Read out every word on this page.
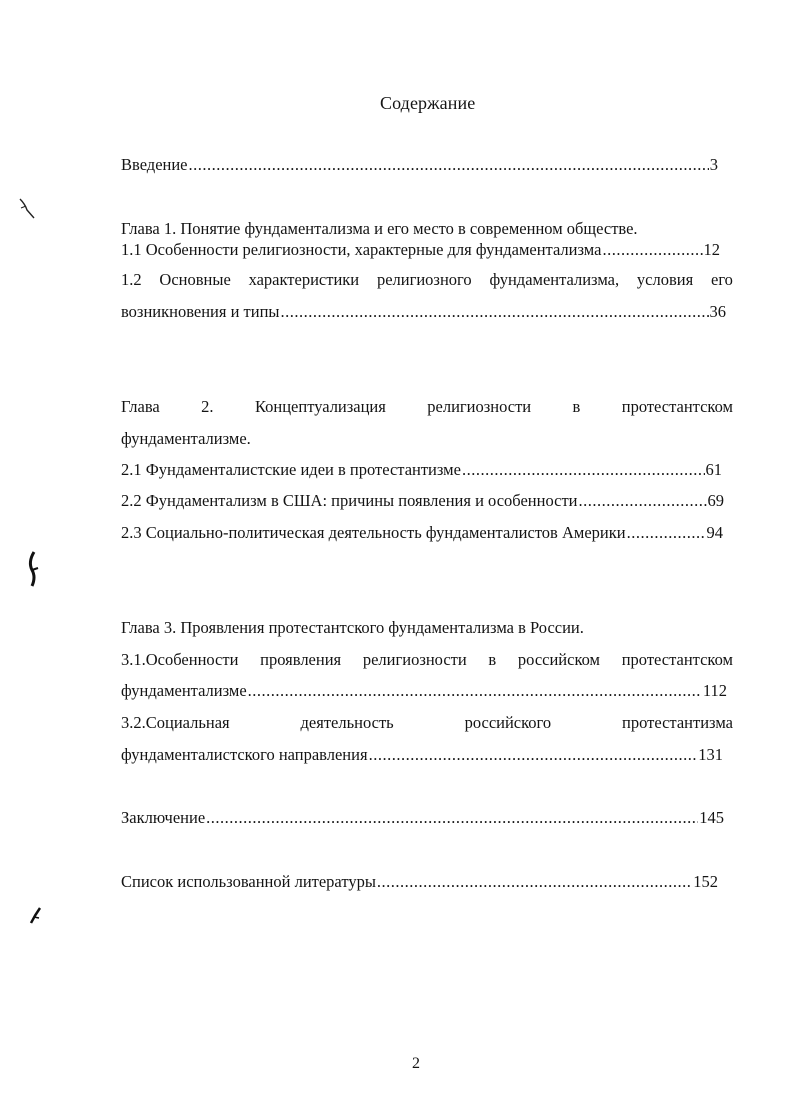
Содержание
Введение .....	3
Глава 1. Понятие фундаментализма и его место в современном обществе.
1.1 Особенности религиозности, характерные для фундаментализма .....	12
1.2 Основные характеристики религиозного фундаментализма, условия его
возникновения и типы .....	36
Глава	2.	Концептуализация	религиозности	в	протестантском
фундаментализме.
2.1 Фундаменталистские идеи в протестантизме .....	61
2.2 Фундаментализм в США: причины появления и особенности .....	69
2.3 Социально-политическая деятельность фундаменталистов Америки .....	94
Глава 3. Проявления протестантского фундаментализма в России.
3.1.Особенности проявления религиозности в российском протестантском
фундаментализме .....	112
3.2.Социальная	деятельность	российского	протестантизма
фундаменталистского направления .....	131
Заключение .....	145
Список использованной литературы .....	152
2
